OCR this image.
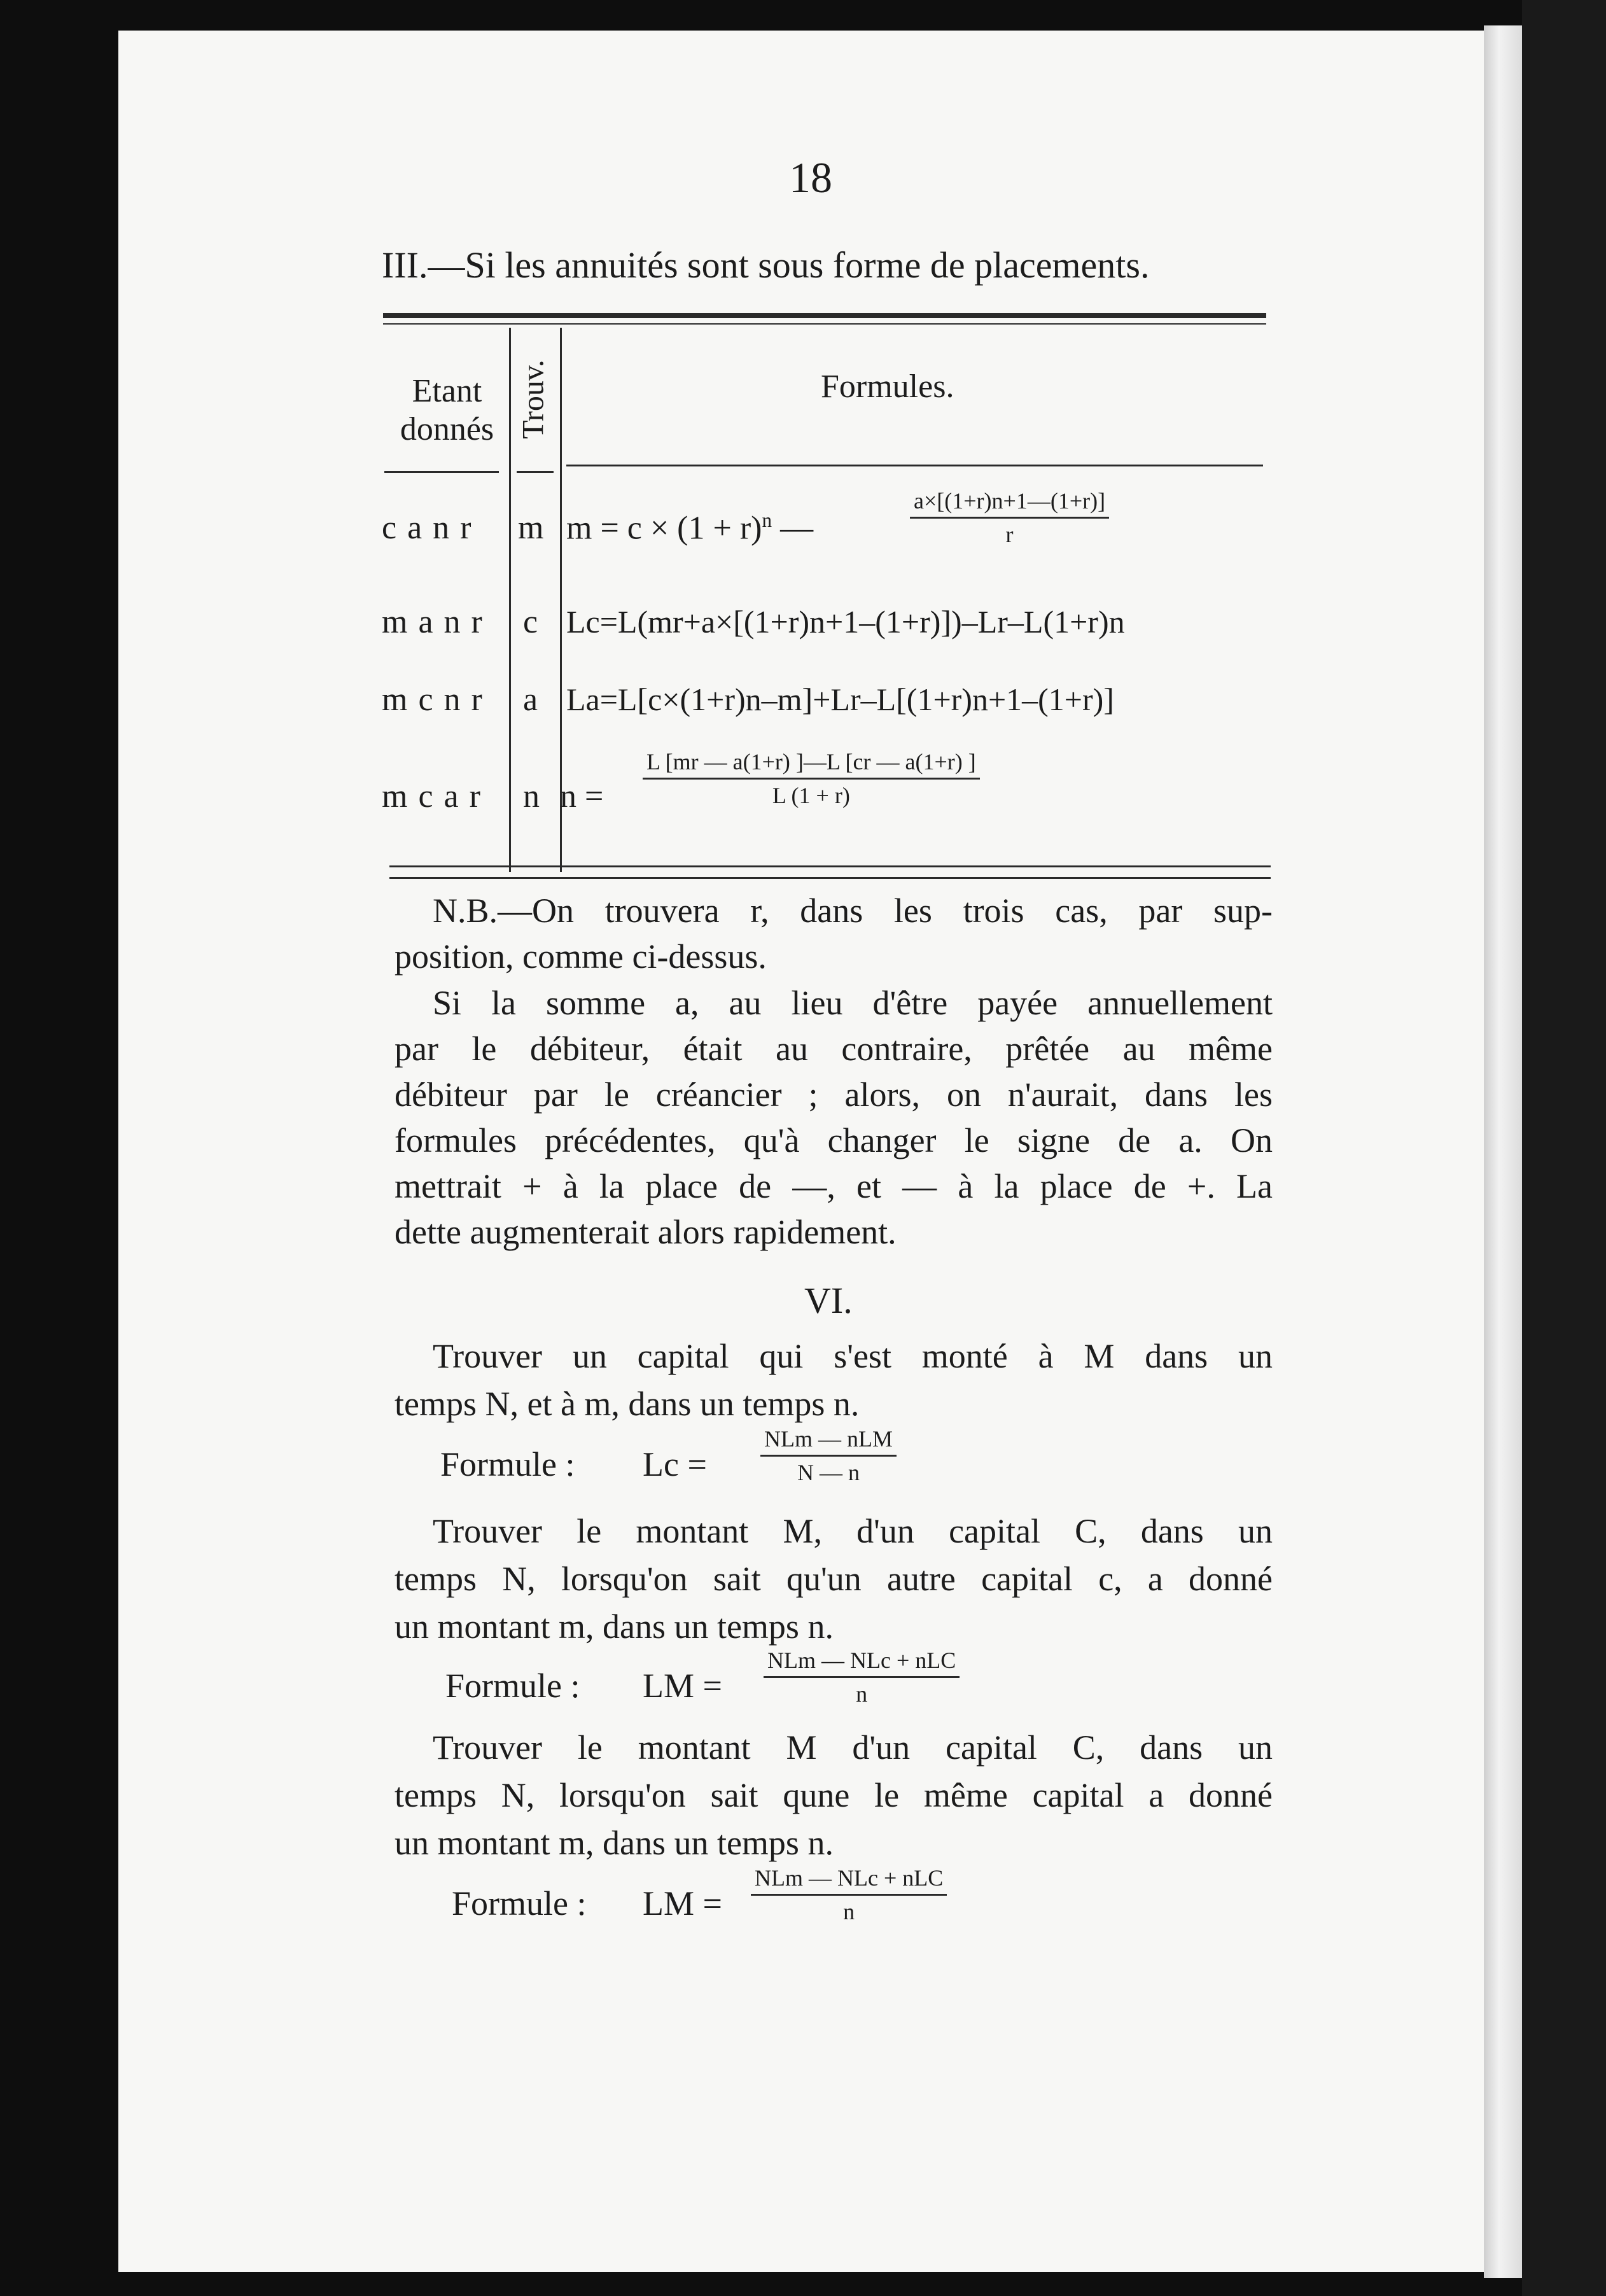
18
III.—Si les annuités sont sous forme de placements.
Etant donnés Trouv.	Formules.
c a n r m $m = c \times (1 + r)^n$ —	$\frac{a\times[(1+r)n+1—(1+r)]}{r}$
m a n r c Lc=L(mr+a×[(1+r)n+1–(1+r)])–Lr–L(1+r)n
m c n r a La=L[c×(1+r)n–m]+Lr–L[(1+r)n+1–(1+r)]
m c a r n $n = \frac{L [mr — a(1+r) ]—L [cr — a(1+r) ]}{L (1 + r)}$
N.B.—On trouvera r, dans les trois cas, par sup-
position, comme ci-dessus.
Si la somme a, au lieu d'être payée annuellement
par le débiteur, était au contraire, prêtée au même
débiteur par le créancier ; alors, on n'aurait, dans les
formules précédentes, qu'à changer le signe de a. On
mettrait + à la place de —, et — à la place de +. La
dette augmenterait alors rapidement.
VI.
Trouver un capital qui s'est monté à M dans un
temps N, et à m, dans un temps n.
Formule : Lc =
NLm — nLM
N — n
Trouver le montant M, d'un capital C, dans un
temps N, lorsqu'on sait qu'un autre capital c, a donné
un montant m, dans un temps n.
Formule : LM =
NLm — NLc + nLC
n
Trouver le montant M d'un capital C, dans un
temps N, lorsqu'on sait qune le même capital a donné
un montant m, dans un temps n.
Formule : LM =
NLm — NLc + nLC
n
